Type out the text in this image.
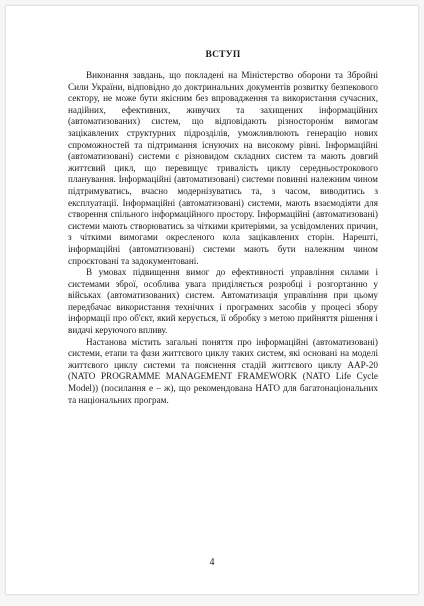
ВСТУП

Виконання завдань, що покладені на Міністерство оборони та Збройні Сили України, відповідно до доктринальних документів розвитку безпекового сектору, не може бути якісним без впровадження та використання сучасних, надійних, ефективних, живучих та захищених інформаційних (автоматизованих) систем, що відповідають різносторонім вимогам зацікавлених структурних підрозділів, уможливлюють генерацію нових спроможностей та підтримання існуючих на високому рівні. Інформаційні (автоматизовані) системи є різновидом складних систем та мають довгий життєвий цикл, що перевищує тривалість циклу середньострокового планування. Інформаційні (автоматизовані) системи повинні належним чином підтримуватись, вчасно модернізуватись та, з часом, виводитись з експлуатації. Інформаційні (автоматизовані) системи, мають взаємодіяти для створення спільного інформаційного простору. Інформаційні (автоматизовані) системи мають створюватись за чіткими критеріями, за усвідомлених причин, з чіткими вимогами окресленого кола зацікавлених сторін. Нарешті, інформаційні (автоматизовані) системи мають бути належним чином спроєктовані та задокументовані.

В умовах підвищення вимог до ефективності управління силами і системами зброї, особлива увага приділяється розробці і розгортанню у військах (автоматизованих) систем. Автоматизація управління при цьому передбачає використання технічних і програмних засобів у процесі збору інформації про об'єкт, який керується, її обробку з метою прийняття рішення і видачі керуючого впливу.

Настанова містить загальні поняття про інформаційні (автоматизовані) системи, етапи та фази життєвого циклу таких систем, які основані на моделі життєвого циклу системи та пояснення стадій життєвого циклу AAP-20 (NATO PROGRAMME MANAGEMENT FRAMEWORK (NATO Life Cycle Model)) (посилання е – ж), що рекомендована НАТО для багатонаціональних та національних програм.

4
